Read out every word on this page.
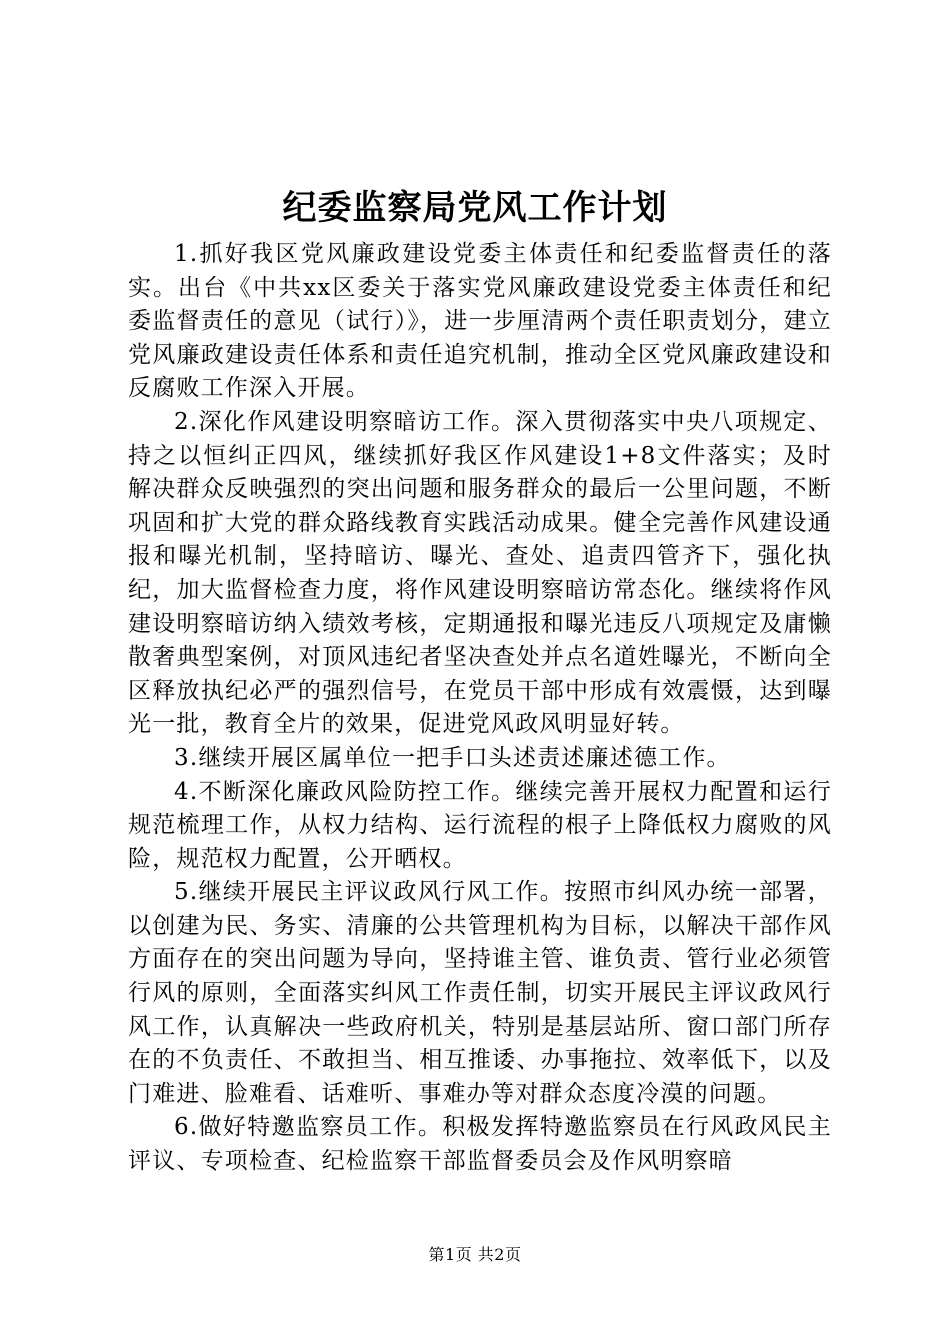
纪委监察局党风工作计划

1.抓好我区党风廉政建设党委主体责任和纪委监督责任的落实。出台《中共xx区委关于落实党风廉政建设党委主体责任和纪委监督责任的意见（试行）》，进一步厘清两个责任职责划分，建立党风廉政建设责任体系和责任追究机制，推动全区党风廉政建设和反腐败工作深入开展。

2.深化作风建设明察暗访工作。深入贯彻落实中央八项规定、持之以恒纠正四风，继续抓好我区作风建设1+8文件落实；及时解决群众反映强烈的突出问题和服务群众的最后一公里问题，不断巩固和扩大党的群众路线教育实践活动成果。健全完善作风建设通报和曝光机制，坚持暗访、曝光、查处、追责四管齐下，强化执纪，加大监督检查力度，将作风建设明察暗访常态化。继续将作风建设明察暗访纳入绩效考核，定期通报和曝光违反八项规定及庸懒散奢典型案例，对顶风违纪者坚决查处并点名道姓曝光，不断向全区释放执纪必严的强烈信号，在党员干部中形成有效震慑，达到曝光一批，教育全片的效果，促进党风政风明显好转。

3.继续开展区属单位一把手口头述责述廉述德工作。

4.不断深化廉政风险防控工作。继续完善开展权力配置和运行规范梳理工作，从权力结构、运行流程的根子上降低权力腐败的风险，规范权力配置，公开晒权。

5.继续开展民主评议政风行风工作。按照市纠风办统一部署，以创建为民、务实、清廉的公共管理机构为目标，以解决干部作风方面存在的突出问题为导向，坚持谁主管、谁负责、管行业必须管行风的原则，全面落实纠风工作责任制，切实开展民主评议政风行风工作，认真解决一些政府机关，特别是基层站所、窗口部门所存在的不负责任、不敢担当、相互推诿、办事拖拉、效率低下，以及门难进、脸难看、话难听、事难办等对群众态度冷漠的问题。

6.做好特邀监察员工作。积极发挥特邀监察员在行风政风民主评议、专项检查、纪检监察干部监督委员会及作风明察暗

第1页 共2页
